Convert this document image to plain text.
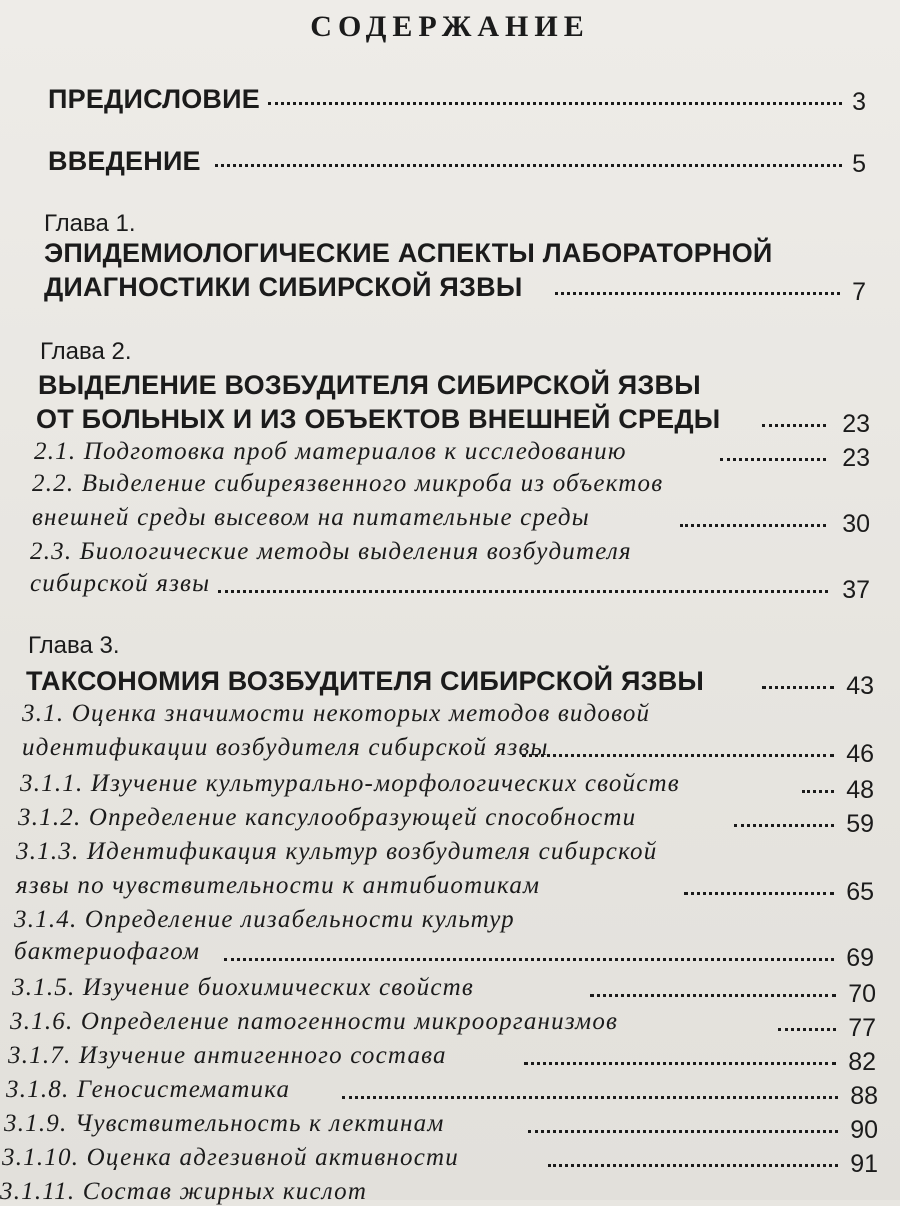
СОДЕРЖАНИЕ
ПРЕДИСЛОВИЕ	3
ВВЕДЕНИЕ	5
Глава 1.
ЭПИДЕМИОЛОГИЧЕСКИЕ АСПЕКТЫ ЛАБОРАТОРНОЙ
ДИАГНОСТИКИ СИБИРСКОЙ ЯЗВЫ	7
Глава 2.
ВЫДЕЛЕНИЕ ВОЗБУДИТЕЛЯ СИБИРСКОЙ ЯЗВЫ
ОТ БОЛЬНЫХ И ИЗ ОБЪЕКТОВ ВНЕШНЕЙ СРЕДЫ	23
2.1. Подготовка проб материалов к исследованию	23
2.2. Выделение сибиреязвенного микроба из объектов
внешней среды высевом на питательные среды	30
2.3. Биологические методы выделения возбудителя
сибирской язвы	37
Глава 3.
ТАКСОНОМИЯ ВОЗБУДИТЕЛЯ СИБИРСКОЙ ЯЗВЫ	43
3.1. Оценка значимости некоторых методов видовой
идентификации возбудителя сибирской язвы	46
3.1.1. Изучение культурально-морфологических свойств	48
3.1.2. Определение капсулообразующей способности	59
3.1.3. Идентификация культур возбудителя сибирской
язвы по чувствительности к антибиотикам	65
3.1.4. Определение лизабельности культур
бактериофагом	69
3.1.5. Изучение биохимических свойств	70
3.1.6. Определение патогенности микроорганизмов	77
3.1.7. Изучение антигенного состава	82
3.1.8. Геносистематика	88
3.1.9. Чувствительность к лектинам	90
3.1.10. Оценка адгезивной активности	91
3.1.11. Состав жирных кислот
